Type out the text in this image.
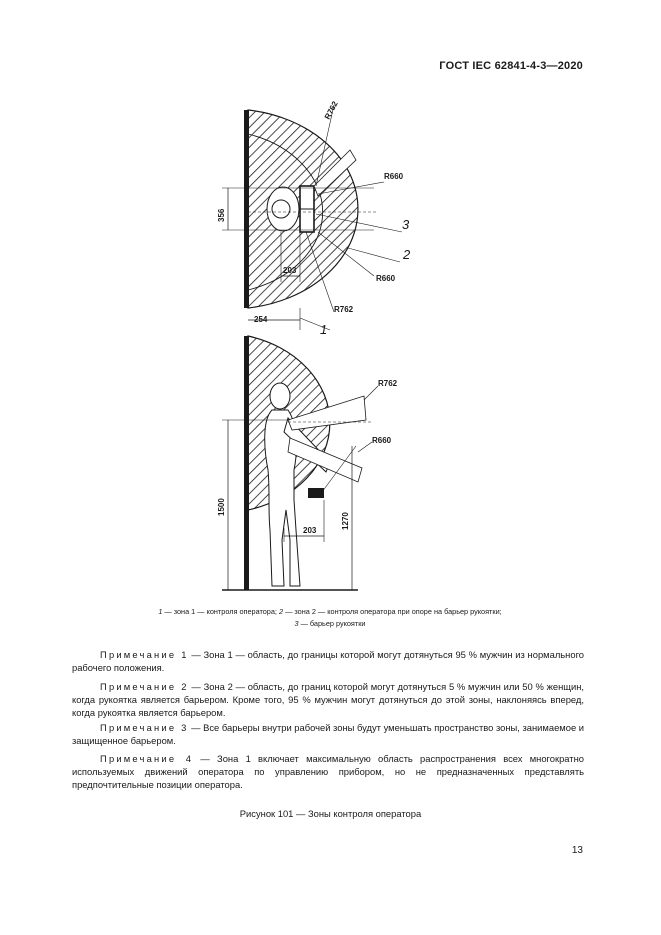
ГОСТ IEC 62841-4-3—2020
R762
R660
356
203
R660
R762
254
3
2
1
R762
R660
1500
1270
203
1 — зона 1 — контроля оператора; 2 — зона 2 — контроля оператора при опоре на барьер рукоятки;
3 — барьер рукоятки
Примечание 1 — Зона 1 — область, до границы которой могут дотянуться 95 % мужчин из нормального рабочего положения.
Примечание 2 — Зона 2 — область, до границ которой могут дотянуться 5 % мужчин или 50 % женщин, когда рукоятка является барьером. Кроме того, 95 % мужчин могут дотянуться до этой зоны, наклоняясь вперед, когда рукоятка является барьером.
Примечание 3 — Все барьеры внутри рабочей зоны будут уменьшать пространство зоны, занимаемое и защищенное барьером.
Примечание 4 — Зона 1 включает максимальную область распространения всех многократно используемых движений оператора по управлению прибором, но не предназначенных представлять предпочтительные позиции оператора.
Рисунок 101 — Зоны контроля оператора
13
